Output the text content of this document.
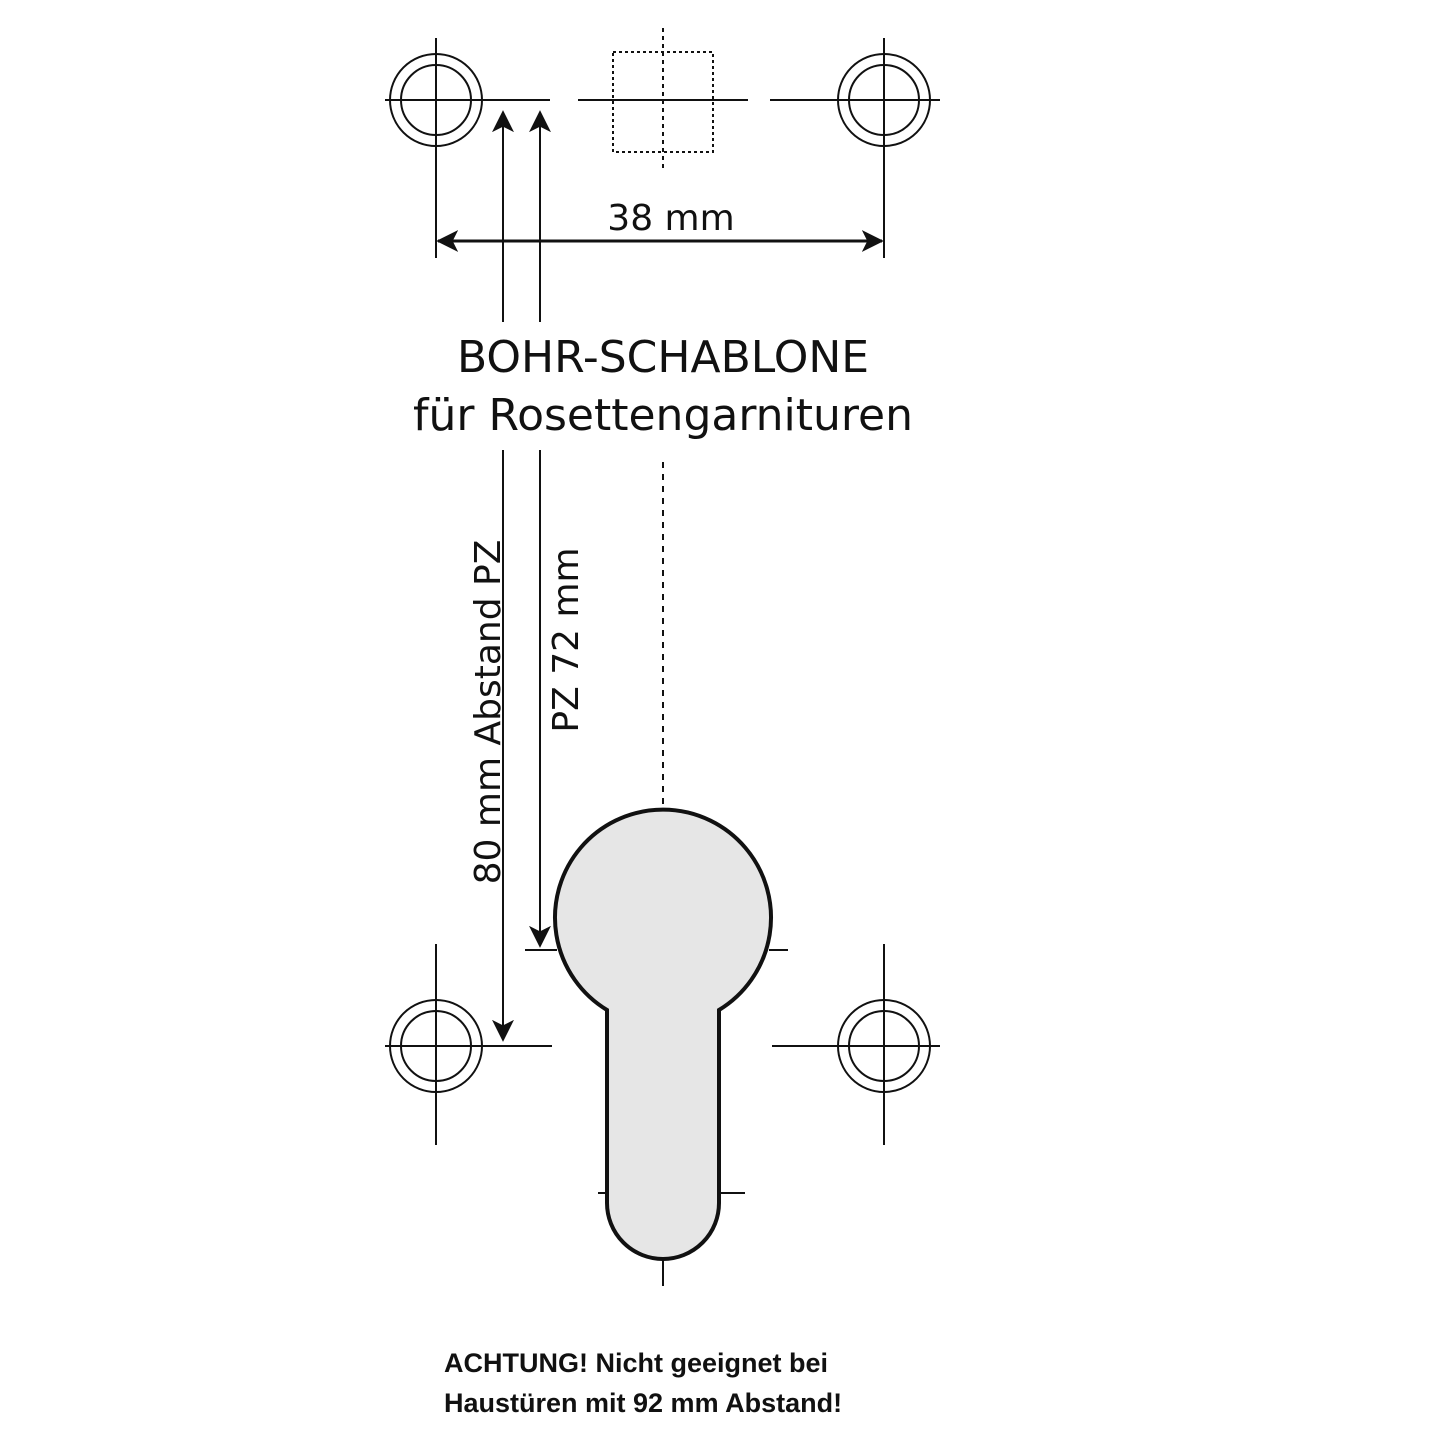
38 mm
BOHR-SCHABLONE
für Rosettengarnituren
80 mm Abstand PZ PZ 72 mm
ACHTUNG! Nicht geeignet bei
Haustüren mit 92 mm Abstand!
